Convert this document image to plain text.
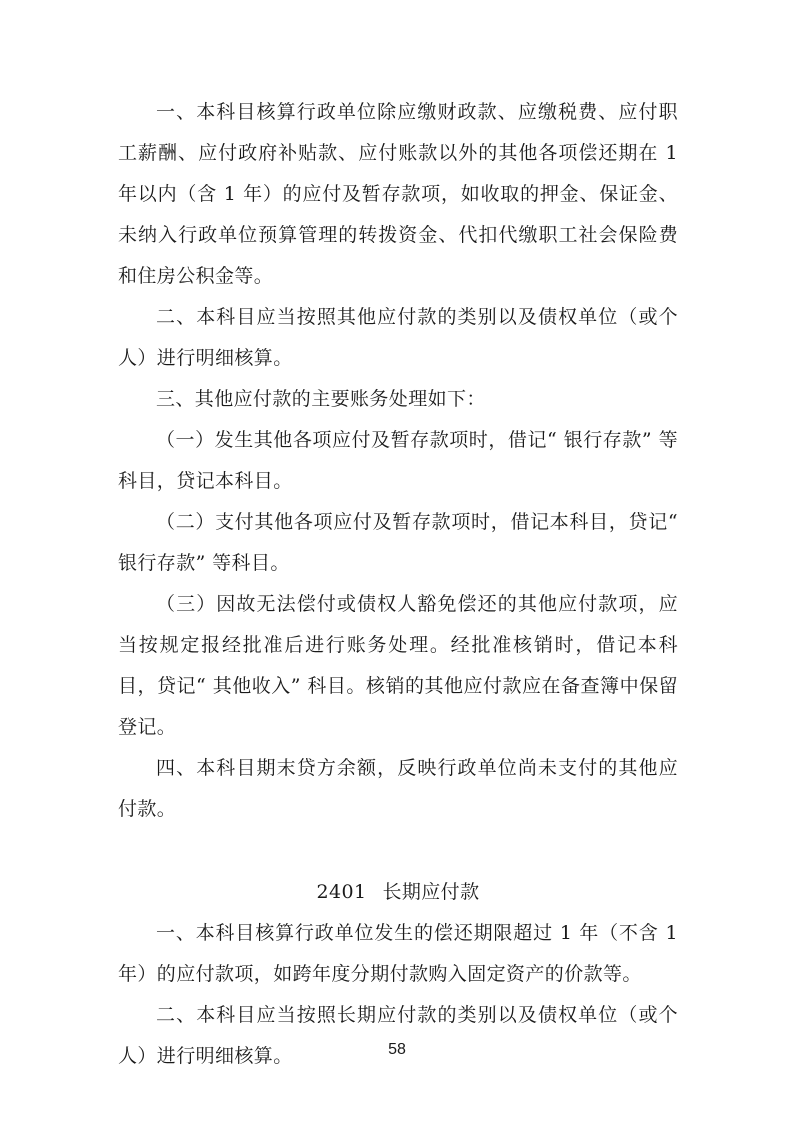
一、本科目核算行政单位除应缴财政款、应缴税费、应付职工薪酬、应付政府补贴款、应付账款以外的其他各项偿还期在 1 年以内（含 1 年）的应付及暂存款项，如收取的押金、保证金、未纳入行政单位预算管理的转拨资金、代扣代缴职工社会保险费和住房公积金等。

二、本科目应当按照其他应付款的类别以及债权单位（或个人）进行明细核算。

三、其他应付款的主要账务处理如下：

（一）发生其他各项应付及暂存款项时，借记“ 银行存款” 等科目，贷记本科目。

（二）支付其他各项应付及暂存款项时，借记本科目，贷记“ 银行存款” 等科目。

（三）因故无法偿付或债权人豁免偿还的其他应付款项，应当按规定报经批准后进行账务处理。经批准核销时，借记本科目，贷记“ 其他收入” 科目。核销的其他应付款应在备查簿中保留登记。

四、本科目期末贷方余额，反映行政单位尚未支付的其他应付款。

2401 长期应付款

一、本科目核算行政单位发生的偿还期限超过 1 年（不含 1 年）的应付款项，如跨年度分期付款购入固定资产的价款等。

二、本科目应当按照长期应付款的类别以及债权单位（或个人）进行明细核算。	58
